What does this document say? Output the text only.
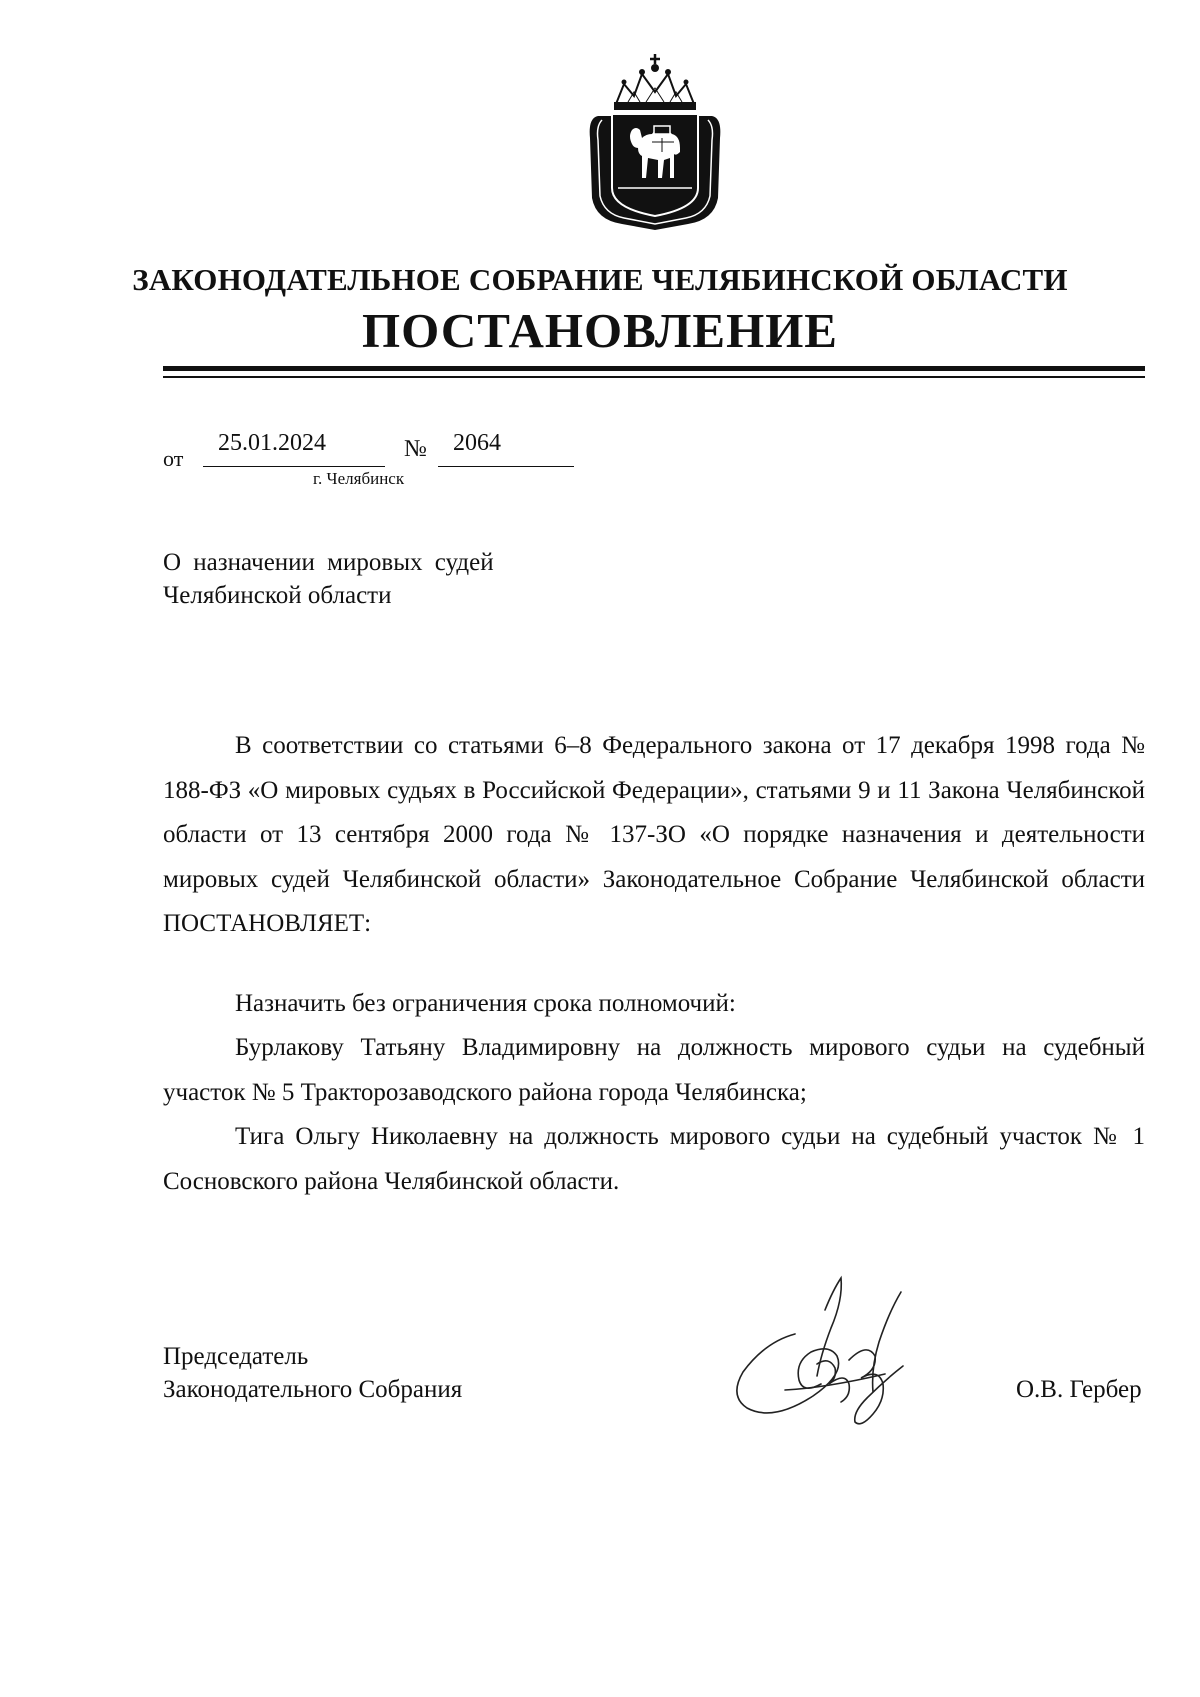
ЗАКОНОДАТЕЛЬНОЕ СОБРАНИЕ ЧЕЛЯБИНСКОЙ ОБЛАСТИ
ПОСТАНОВЛЕНИЕ
от
25.01.2024	№ 2064
г. Челябинск
О назначении мировых судей
Челябинской области

В соответствии со статьями 6–8 Федерального закона от 17 декабря 1998 года № 188-ФЗ «О мировых судьях в Российской Федерации», статьями 9 и 11 Закона Челябинской области от 13 сентября 2000 года № 137-ЗО «О порядке назначения и деятельности мировых судей Челябинской области» Законодательное Собрание Челябинской области ПОСТАНОВЛЯЕТ:

Назначить без ограничения срока полномочий:

Бурлакову Татьяну Владимировну на должность мирового судьи на судебный участок № 5 Тракторозаводского района города Челябинска;

Тига Ольгу Николаевну на должность мирового судьи на судебный участок № 1 Сосновского района Челябинской области.

Председатель
Законодательного Собрания	О.В. Гербер
